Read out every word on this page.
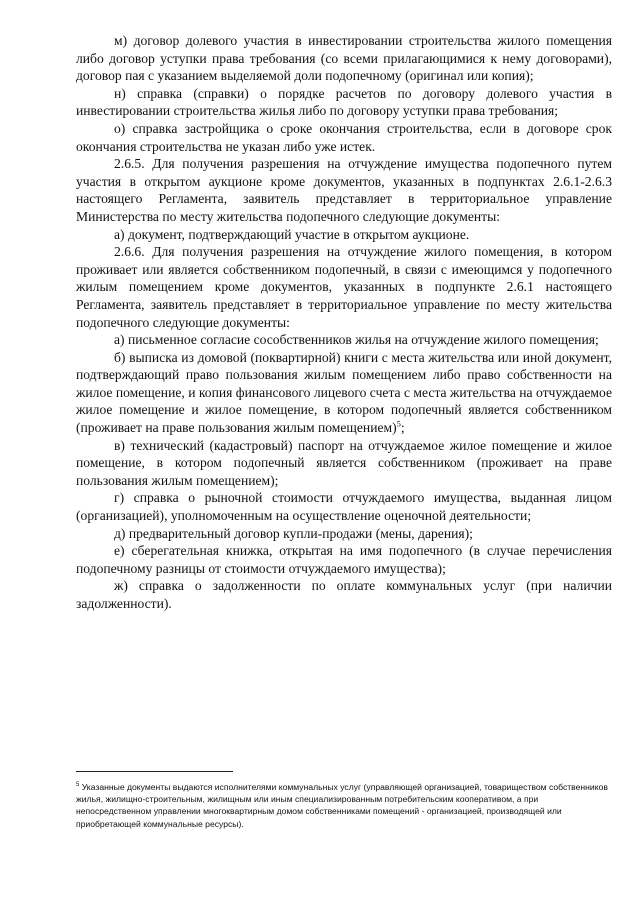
м) договор долевого участия в инвестировании строительства жилого помещения либо договор уступки права требования (со всеми прилагающимися к нему договорами), договор пая с указанием выделяемой доли подопечному (оригинал или копия);

н) справка (справки) о порядке расчетов по договору долевого участия в инвестировании строительства жилья либо по договору уступки права требования;

о) справка застройщика о сроке окончания строительства, если в договоре срок окончания строительства не указан либо уже истек.

2.6.5. Для получения разрешения на отчуждение имущества подопечного путем участия в открытом аукционе кроме документов, указанных в подпунктах 2.6.1-2.6.3 настоящего Регламента, заявитель представляет в территориальное управление Министерства по месту жительства подопечного следующие документы:

а) документ, подтверждающий участие в открытом аукционе.

2.6.6. Для получения разрешения на отчуждение жилого помещения, в котором проживает или является собственником подопечный, в связи с имеющимся у подопечного жилым помещением кроме документов, указанных в подпункте 2.6.1 настоящего Регламента, заявитель представляет в территориальное управление по месту жительства подопечного следующие документы:

а) письменное согласие сособственников жилья на отчуждение жилого помещения;

б) выписка из домовой (поквартирной) книги с места жительства или иной документ, подтверждающий право пользования жилым помещением либо право собственности на жилое помещение, и копия финансового лицевого счета с места жительства на отчуждаемое жилое помещение и жилое помещение, в котором подопечный является собственником (проживает на праве пользования жилым помещением)$^5$;

в) технический (кадастровый) паспорт на отчуждаемое жилое помещение и жилое помещение, в котором подопечный является собственником (проживает на праве пользования жилым помещением);

г) справка о рыночной стоимости отчуждаемого имущества, выданная лицом (организацией), уполномоченным на осуществление оценочной деятельности;

д) предварительный договор купли-продажи (мены, дарения);

е) сберегательная книжка, открытая на имя подопечного (в случае перечисления подопечному разницы от стоимости отчуждаемого имущества);

ж) справка о задолженности по оплате коммунальных услуг (при наличии задолженности).

$^5$ Указанные документы выдаются исполнителями коммунальных услуг (управляющей организацией, товариществом собственников жилья, жилищно-строительным, жилищным или иным специализированным потребительским кооперативом, а при непосредственном управлении многоквартирным домом собственниками помещений - организацией, производящей или приобретающей коммунальные ресурсы).
